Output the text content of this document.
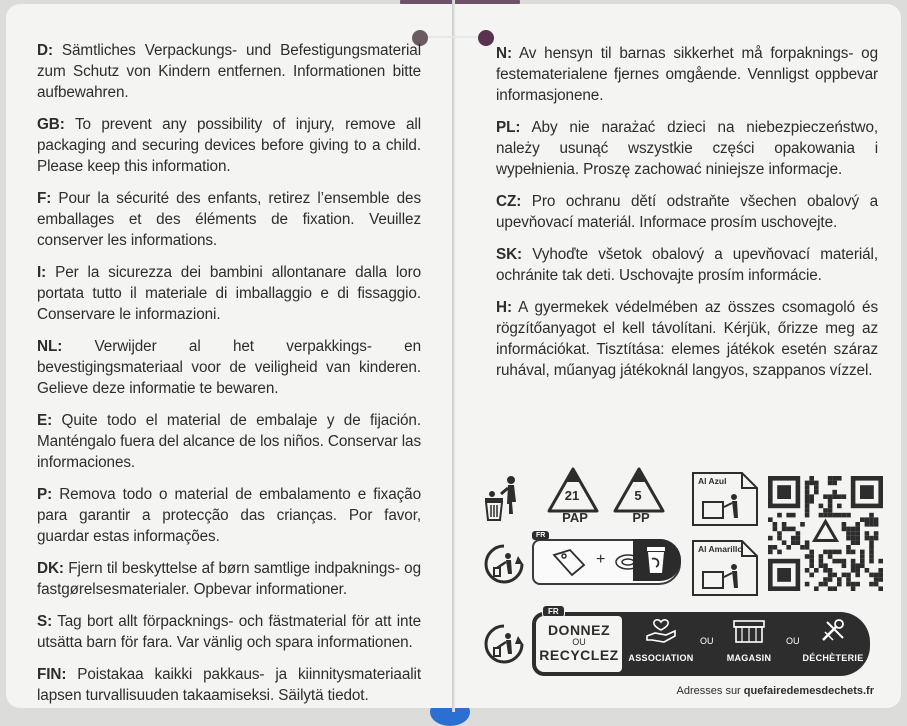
D: Sämtliches Verpackungs- und Befestigungsmaterial zum Schutz von Kindern entfernen. Informationen bitte aufbewahren.

GB: To prevent any possibility of injury, remove all packaging and securing devices before giving to a child. Please keep this information.

F: Pour la sécurité des enfants, retirez l’ensemble des emballages et des éléments de fixation. Veuillez conserver les informations.

I: Per la sicurezza dei bambini allontanare dalla loro portata tutto il materiale di imballaggio e di fissaggio. Conservare le informazioni.

NL: Verwijder al het verpakkings- en bevestigingsmateriaal voor de veiligheid van kinderen. Gelieve deze informatie te bewaren.

E: Quite todo el material de embalaje y de fijación. Manténgalo fuera del alcance de los niños. Conservar las informaciones.

P: Remova todo o material de embalamento e fixação para garantir a protecção das crianças. Por favor, guardar estas informações.

DK: Fjern til beskyttelse af børn samtlige indpaknings- og fastgørelsesmaterialer. Opbevar informationer.

S: Tag bort allt förpacknings- och fästmaterial för att inte utsätta barn för fara. Var vänlig och spara informationen.

FIN: Poistakaa kaikki pakkaus- ja kiinnitysmateriaalit lapsen turvallisuuden takaamiseksi. Säilytä tiedot.

N: Av hensyn til barnas sikkerhet må forpaknings- og festematerialene fjernes omgående. Vennligst oppbevar informasjonene.

PL: Aby nie narażać dzieci na niebezpieczeństwo, należy usunąć wszystkie części opakowania i wypełnienia. Proszę zachować niniejsze informacje.

CZ: Pro ochranu dětí odstraňte všechen obalový a upevňovací materiál. Informace prosím uschovejte.

SK: Vyhoďte všetok obalový a upevňovací materiál, ochránite tak deti. Uschovajte prosím informácie.

H: A gyermekek védelmében az összes csomagoló és rögzítőanyagot el kell távolítani. Kérjük, őrizze meg az információkat. Tisztítása: elemes játékok esetén száraz ruhával, műanyag játékoknál langyos, szappanos vízzel.

21
PAP
5
PP
Al Azul
Al Amarillo
FR
+
FR
DONNEZ
OU
RECYCLEZ	ASSOCIATION
OU
MAGASIN
OU
DÉCHÈTERIE
Adresses sur quefairedemesdechets.fr
